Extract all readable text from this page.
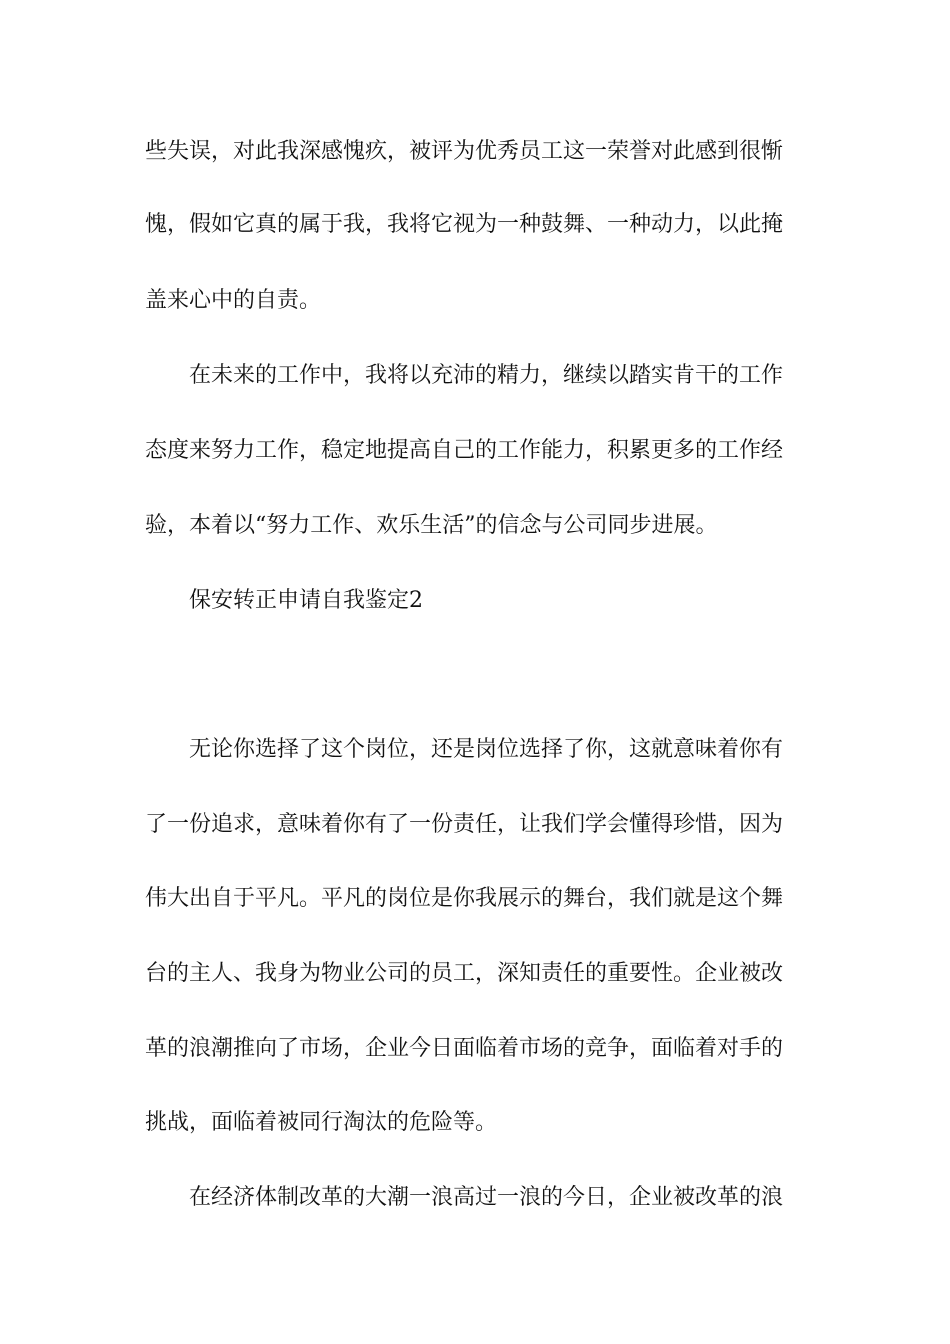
些失误，对此我深感愧疚，被评为优秀员工这一荣誉对此感到很惭
愧，假如它真的属于我，我将它视为一种鼓舞、一种动力，以此掩
盖来心中的自责。
在未来的工作中，我将以充沛的精力，继续以踏实肯干的工作
态度来努力工作，稳定地提高自己的工作能力，积累更多的工作经
验，本着以“努力工作、欢乐生活”的信念与公司同步进展。
保安转正申请自我鉴定2
无论你选择了这个岗位，还是岗位选择了你，这就意味着你有
了一份追求，意味着你有了一份责任，让我们学会懂得珍惜，因为
伟大出自于平凡。平凡的岗位是你我展示的舞台，我们就是这个舞
台的主人、我身为物业公司的员工，深知责任的重要性。企业被改
革的浪潮推向了市场，企业今日面临着市场的竞争，面临着对手的
挑战，面临着被同行淘汰的危险等。
在经济体制改革的大潮一浪高过一浪的今日，企业被改革的浪
